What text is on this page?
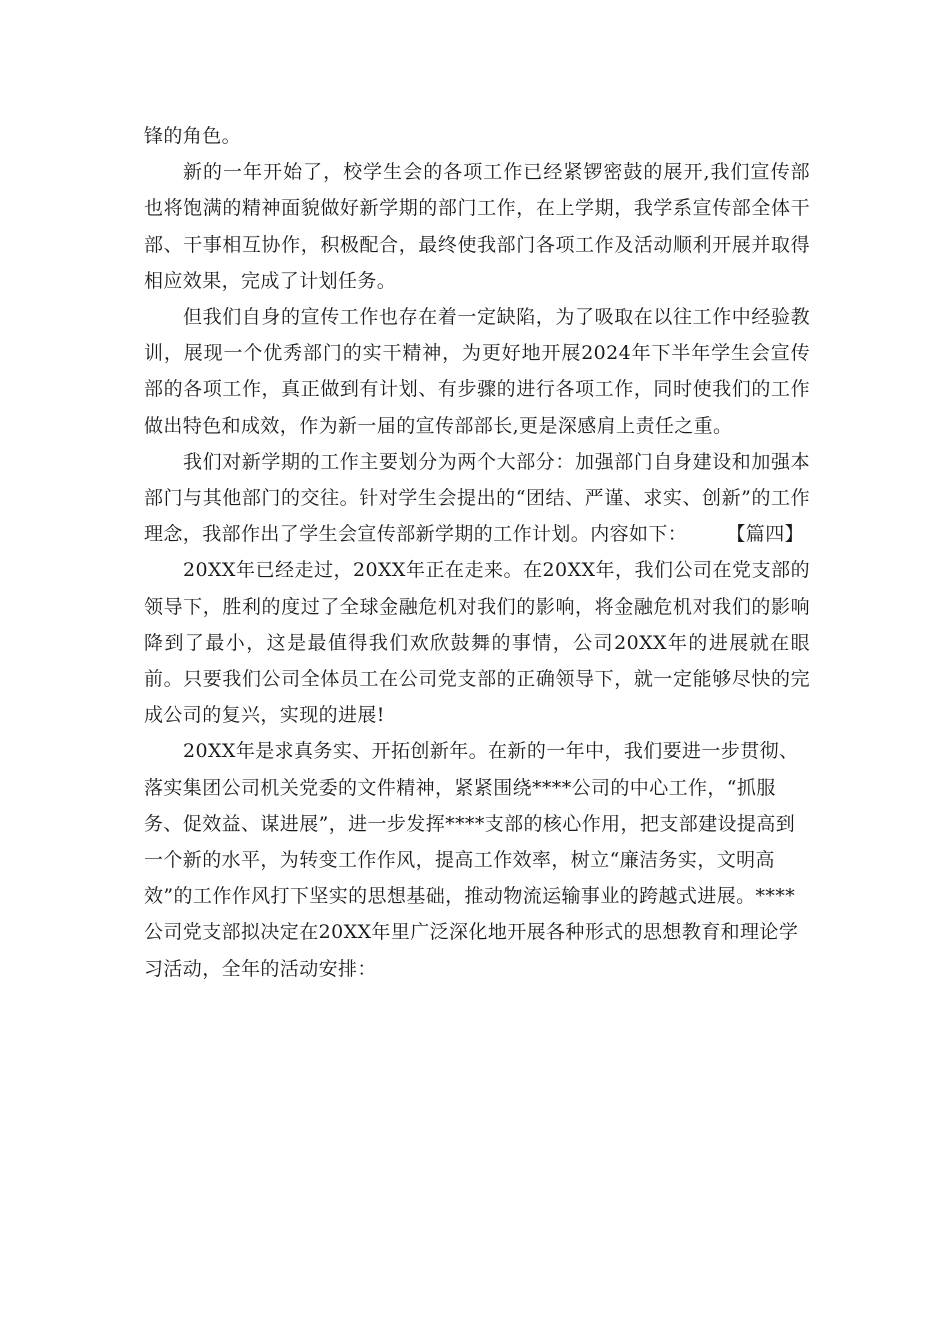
锋的角色。

新的一年开始了，校学生会的各项工作已经紧锣密鼓的展开,我们宣传部也将饱满的精神面貌做好新学期的部门工作，在上学期，我学系宣传部全体干部、干事相互协作，积极配合，最终使我部门各项工作及活动顺利开展并取得相应效果，完成了计划任务。

但我们自身的宣传工作也存在着一定缺陷，为了吸取在以往工作中经验教训，展现一个优秀部门的实干精神，为更好地开展2024年下半年学生会宣传部的各项工作，真正做到有计划、有步骤的进行各项工作，同时使我们的工作做出特色和成效，作为新一届的宣传部部长,更是深感肩上责任之重。

我们对新学期的工作主要划分为两个大部分：加强部门自身建设和加强本部门与其他部门的交往。针对学生会提出的“团结、严谨、求实、创新”的工作理念，我部作出了学生会宣传部新学期的工作计划。内容如下：　　　【篇四】

20XX年已经走过，20XX年正在走来。在20XX年，我们公司在党支部的领导下，胜利的度过了全球金融危机对我们的影响，将金融危机对我们的影响降到了最小，这是最值得我们欢欣鼓舞的事情，公司20XX年的进展就在眼前。只要我们公司全体员工在公司党支部的正确领导下，就一定能够尽快的完成公司的复兴，实现的进展!

20XX年是求真务实、开拓创新年。在新的一年中，我们要进一步贯彻、落实集团公司机关党委的文件精神，紧紧围绕****公司的中心工作，“抓服务、促效益、谋进展”，进一步发挥****支部的核心作用，把支部建设提高到一个新的水平，为转变工作作风，提高工作效率，树立“廉洁务实，文明高效”的工作作风打下坚实的思想基础，推动物流运输事业的跨越式进展。****公司党支部拟决定在20XX年里广泛深化地开展各种形式的思想教育和理论学习活动，全年的活动安排：
